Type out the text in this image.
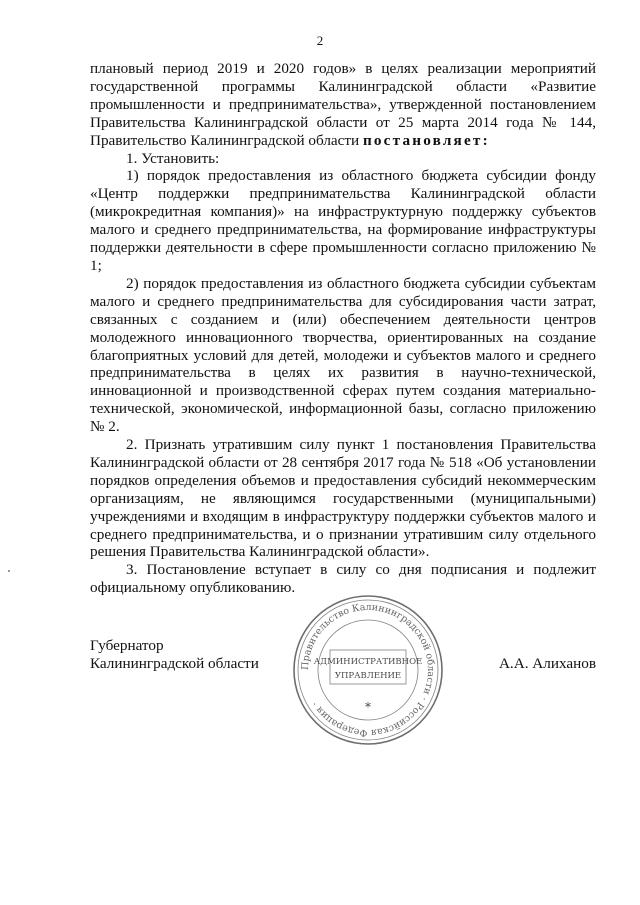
2

плановый период 2019 и 2020 годов» в целях реализации мероприятий государственной программы Калининградской области «Развитие промышленности и предпринимательства», утвержденной постановлением Правительства Калининградской области от 25 марта 2014 года № 144, Правительство Калининградской области постановляет:

1. Установить:

1) порядок предоставления из областного бюджета субсидии фонду «Центр поддержки предпринимательства Калининградской области (микрокредитная компания)» на инфраструктурную поддержку субъектов малого и среднего предпринимательства, на формирование инфраструктуры поддержки деятельности в сфере промышленности согласно приложению № 1;

2) порядок предоставления из областного бюджета субсидии субъектам малого и среднего предпринимательства для субсидирования части затрат, связанных с созданием и (или) обеспечением деятельности центров молодежного инновационного творчества, ориентированных на создание благоприятных условий для детей, молодежи и субъектов малого и среднего предпринимательства в целях их развития в научно-технической, инновационной и производственной сферах путем создания материально-технической, экономической, информационной базы, согласно приложению № 2.

2. Признать утратившим силу пункт 1 постановления Правительства Калининградской области от 28 сентября 2017 года № 518 «Об установлении порядков определения объемов и предоставления субсидий некоммерческим организациям, не являющимся государственными (муниципальными) учреждениями и входящим в инфраструктуру поддержки субъектов малого и среднего предпринимательства, и о признании утратившим силу отдельного решения Правительства Калининградской области».

3. Постановление вступает в силу со дня подписания и подлежит официальному опубликованию.

Губернатор
Калининградской области	А.А. Алиханов
Правительство Калининградской области · Российская Федерация ·
АДМИНИСТРАТИВНОЕ
УПРАВЛЕНИЕ
*
